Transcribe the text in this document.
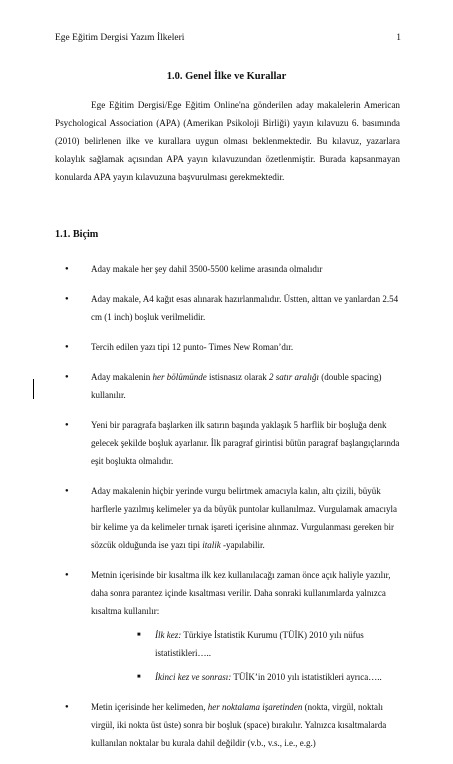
Ege Eğitim Dergisi Yazım İlkeleri	1
1.0. Genel İlke ve Kurallar

Ege Eğitim Dergisi/Ege Eğitim Online'na gönderilen aday makalelerin American Psychological Association (APA) (Amerikan Psikoloji Birliği) yayın kılavuzu 6. basımında (2010) belirlenen ilke ve kurallara uygun olması beklenmektedir. Bu kılavuz, yazarlara kolaylık sağlamak açısından APA yayın kılavuzundan özetlenmiştir. Burada kapsanmayan konularda APA yayın kılavuzuna başvurulması gerekmektedir.

1.1. Biçim
● Aday makale her şey dahil 3500-5500 kelime arasında olmalıdır
● Aday makale, A4 kağıt esas alınarak hazırlanmalıdır. Üstten, alttan ve yanlardan 2.54 cm (1 inch) boşluk verilmelidir.
● Tercih edilen yazı tipi 12 punto- Times New Roman’dır.
● Aday makalenin her bölümünde istisnasız olarak 2 satır aralığı (double spacing) kullanılır.
● Yeni bir paragrafa başlarken ilk satırın başında yaklaşık 5 harflik bir boşluğa denk gelecek şekilde boşluk ayarlanır. İlk paragraf girintisi bütün paragraf başlangıçlarında eşit boşlukta olmalıdır.
● Aday makalenin hiçbir yerinde vurgu belirtmek amacıyla kalın, altı çizili, büyük harflerle yazılmış kelimeler ya da büyük puntolar kullanılmaz. Vurgulamak amacıyla bir kelime ya da kelimeler tırnak işareti içerisine alınmaz. Vurgulanması gereken bir sözcük olduğunda ise yazı tipi italik -yapılabilir.
● Metnin içerisinde bir kısaltma ilk kez kullanılacağı zaman önce açık haliyle yazılır, daha sonra parantez içinde kısaltması verilir. Daha sonraki kullanımlarda yalnızca kısaltma kullanılır:
■ İlk kez: Türkiye İstatistik Kurumu (TÜİK) 2010 yılı nüfus istatistikleri…..
■ İkinci kez ve sonrası: TÜİK’in 2010 yılı istatistikleri ayrıca…..
● Metin içerisinde her kelimeden, her noktalama işaretinden (nokta, virgül, noktalı virgül, iki nokta üst üste) sonra bir boşluk (space) bırakılır. Yalnızca kısaltmalarda kullanılan noktalar bu kurala dahil değildir (v.b., v.s., i.e., e.g.)
